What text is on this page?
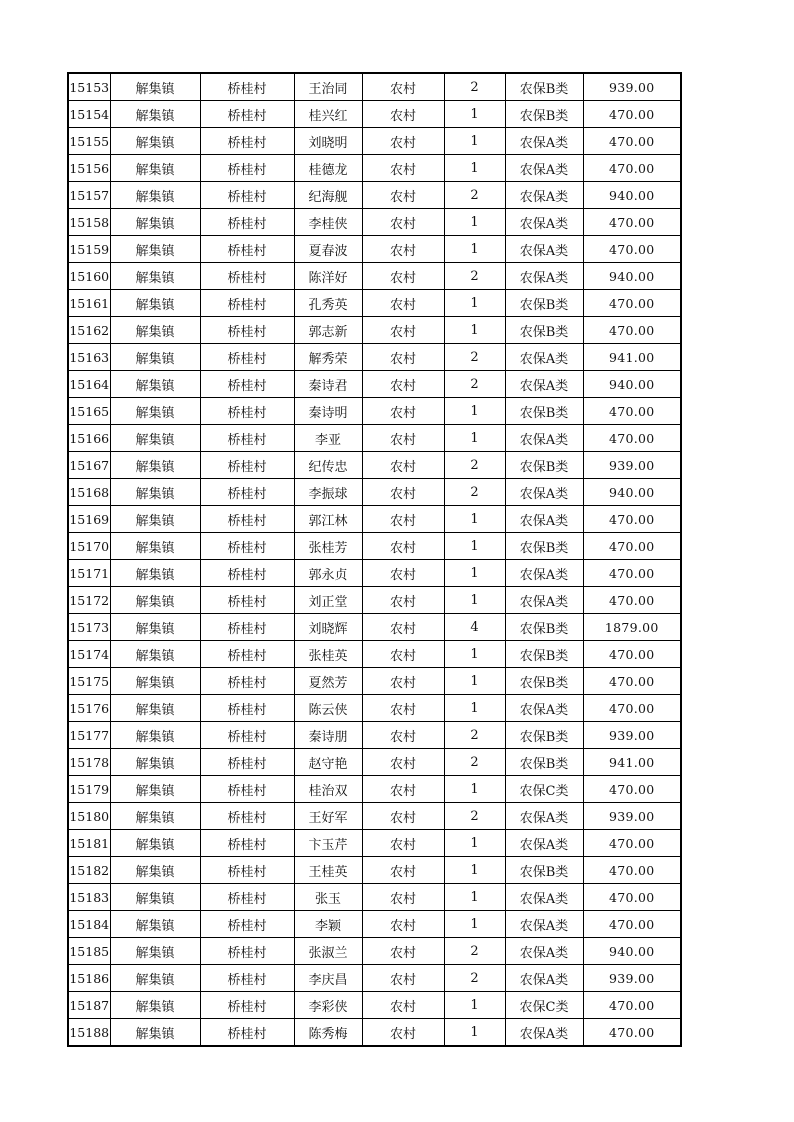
15153	解集镇	桥桂村	王治同	农村	2	农保B类	939.00
15154	解集镇	桥桂村	桂兴红	农村	1	农保B类	470.00
15155	解集镇	桥桂村	刘晓明	农村	1	农保A类	470.00
15156	解集镇	桥桂村	桂德龙	农村	1	农保A类	470.00
15157	解集镇	桥桂村	纪海舰	农村	2	农保A类	940.00
15158	解集镇	桥桂村	李桂侠	农村	1	农保A类	470.00
15159	解集镇	桥桂村	夏春波	农村	1	农保A类	470.00
15160	解集镇	桥桂村	陈洋好	农村	2	农保A类	940.00
15161	解集镇	桥桂村	孔秀英	农村	1	农保B类	470.00
15162	解集镇	桥桂村	郭志新	农村	1	农保B类	470.00
15163	解集镇	桥桂村	解秀荣	农村	2	农保A类	941.00
15164	解集镇	桥桂村	秦诗君	农村	2	农保A类	940.00
15165	解集镇	桥桂村	秦诗明	农村	1	农保B类	470.00
15166	解集镇	桥桂村	李亚	农村	1	农保A类	470.00
15167	解集镇	桥桂村	纪传忠	农村	2	农保B类	939.00
15168	解集镇	桥桂村	李振球	农村	2	农保A类	940.00
15169	解集镇	桥桂村	郭江林	农村	1	农保A类	470.00
15170	解集镇	桥桂村	张桂芳	农村	1	农保B类	470.00
15171	解集镇	桥桂村	郭永贞	农村	1	农保A类	470.00
15172	解集镇	桥桂村	刘正堂	农村	1	农保A类	470.00
15173	解集镇	桥桂村	刘晓辉	农村	4	农保B类	1879.00
15174	解集镇	桥桂村	张桂英	农村	1	农保B类	470.00
15175	解集镇	桥桂村	夏然芳	农村	1	农保B类	470.00
15176	解集镇	桥桂村	陈云侠	农村	1	农保A类	470.00
15177	解集镇	桥桂村	秦诗朋	农村	2	农保B类	939.00
15178	解集镇	桥桂村	赵守艳	农村	2	农保B类	941.00
15179	解集镇	桥桂村	桂治双	农村	1	农保C类	470.00
15180	解集镇	桥桂村	王好军	农村	2	农保A类	939.00
15181	解集镇	桥桂村	卞玉芹	农村	1	农保A类	470.00
15182	解集镇	桥桂村	王桂英	农村	1	农保B类	470.00
15183	解集镇	桥桂村	张玉	农村	1	农保A类	470.00
15184	解集镇	桥桂村	李颖	农村	1	农保A类	470.00
15185	解集镇	桥桂村	张淑兰	农村	2	农保A类	940.00
15186	解集镇	桥桂村	李庆昌	农村	2	农保A类	939.00
15187	解集镇	桥桂村	李彩侠	农村	1	农保C类	470.00
15188	解集镇	桥桂村	陈秀梅	农村	1	农保A类	470.00
